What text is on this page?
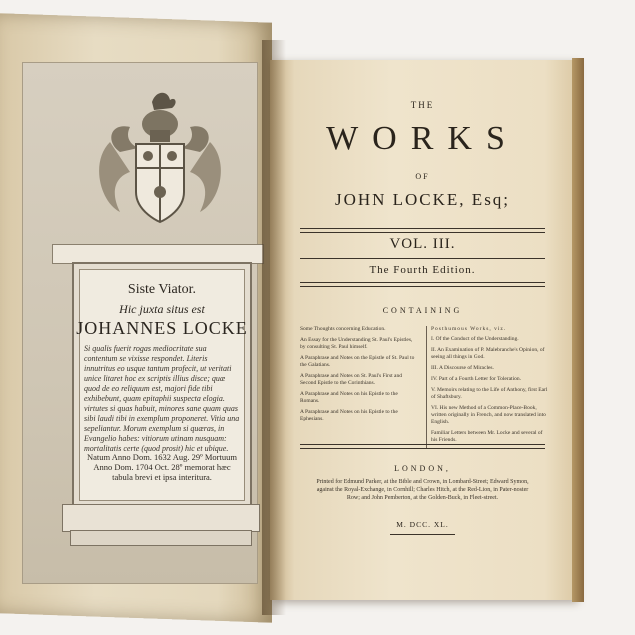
Siste Viator.
Hic juxta situs est
JOHANNES LOCKE
Si qualis fuerit rogas mediocritate sua contentum se vixisse respondet. Literis innutritus eo usque tantum profecit, ut veritati unice litaret hoc ex scriptis illius disce; quæ quod de eo reliquum est, majori fide tibi exhibebunt, quam epitaphii suspecta elogia. virtutes si quas habuit, minores sane quam quas sibi laudi tibi in exemplum proponeret. Vitia una sepeliantur. Morum exemplum si quæras, in Evangelio habes: vitiorum utinam nusquam: mortalitatis certe (quod prosit) hic et ubique.
Natum Anno Dom. 1632 Aug. 29º Mortuum Anno Dom. 1704 Oct. 28º memorat hæc tabula brevi et ipsa interitura.
THE
WORKS
OF
JOHN LOCKE, Esq;
VOL. III.
The Fourth Edition.
CONTAINING
Some Thoughts concerning Education.
An Essay for the Understanding St. Paul's Epistles, by consulting St. Paul himself.
A Paraphrase and Notes on the Epistle of St. Paul to the Galatians.
A Paraphrase and Notes on St. Paul's First and Second Epistle to the Corinthians.
A Paraphrase and Notes on his Epistle to the Romans.
A Paraphrase and Notes on his Epistle to the Ephesians.
Posthumous Works, viz.
I. Of the Conduct of the Understanding.
II. An Examination of P. Malebranche's Opinion, of seeing all things in God.
III. A Discourse of Miracles.
IV. Part of a Fourth Letter for Toleration.
V. Memoirs relating to the Life of Anthony, first Earl of Shaftsbury.
VI. His new Method of a Common-Place-Book, written originally in French, and now translated into English.
Familiar Letters between Mr. Locke and several of his Friends.
LONDON,
Printed for Edmund Parker, at the Bible and Crown, in Lombard-Street; Edward Symon, against the Royal-Exchange, in Cornhill; Charles Hitch, at the Red-Lion, in Pater-noster Row; and John Pemberton, at the Golden-Buck, in Fleet-street.
M. DCC. XL.
